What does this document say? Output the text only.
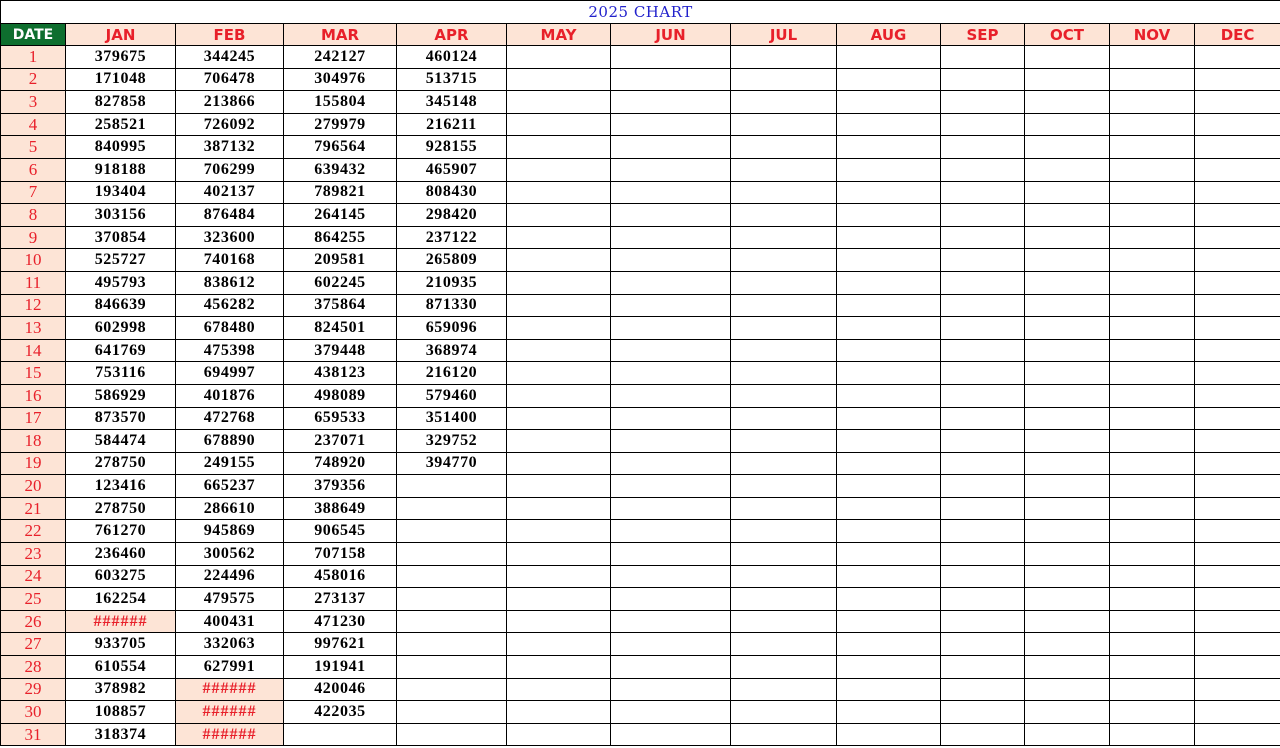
2025 CHART												
DATE	JAN	FEB	MAR	APR	MAY	JUN	JUL	AUG	SEP	OCT	NOV	DEC
1	379675	344245	242127	460124								
2	171048	706478	304976	513715								
3	827858	213866	155804	345148								
4	258521	726092	279979	216211								
5	840995	387132	796564	928155								
6	918188	706299	639432	465907								
7	193404	402137	789821	808430								
8	303156	876484	264145	298420								
9	370854	323600	864255	237122								
10	525727	740168	209581	265809								
11	495793	838612	602245	210935								
12	846639	456282	375864	871330								
13	602998	678480	824501	659096								
14	641769	475398	379448	368974								
15	753116	694997	438123	216120								
16	586929	401876	498089	579460								
17	873570	472768	659533	351400								
18	584474	678890	237071	329752								
19	278750	249155	748920	394770								
20	123416	665237	379356									
21	278750	286610	388649									
22	761270	945869	906545									
23	236460	300562	707158									
24	603275	224496	458016									
25	162254	479575	273137									
26	######	400431	471230									
27	933705	332063	997621									
28	610554	627991	191941									
29	378982	######	420046									
30	108857	######	422035									
31	318374	######										
